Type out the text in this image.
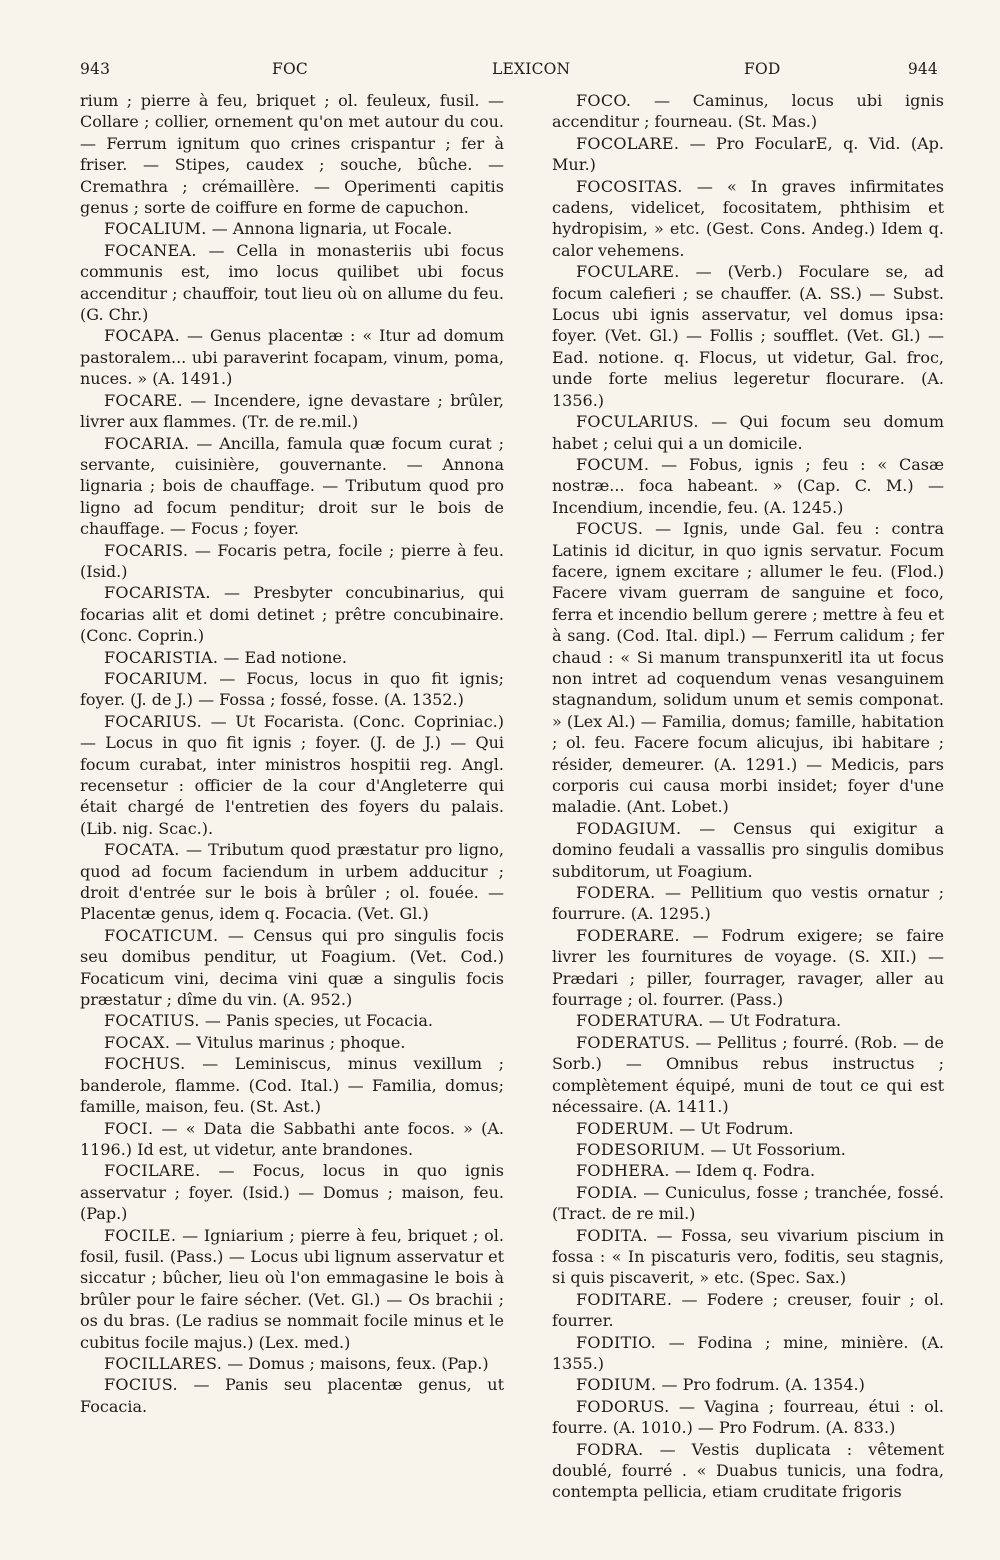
943	FOC	LEXICON	FOD	944

rium ; pierre à feu, briquet ; ol. feuleux, fusil. — Collare ; collier, ornement qu'on met autour du cou. — Ferrum ignitum quo crines crispantur ; fer à friser. — Stipes, caudex ; souche, bûche. — Cremathra ; crémaillère. — Operimenti capitis genus ; sorte de coiffure en forme de capuchon.

FOCALIUM. — Annona lignaria, ut Focale.

FOCANEA. — Cella in monasteriis ubi focus communis est, imo locus quilibet ubi focus accenditur ; chauffoir, tout lieu où on allume du feu. (G. Chr.)

FOCAPA. — Genus placentæ : « Itur ad domum pastoralem... ubi paraverint focapam, vinum, poma, nuces. » (A. 1491.)

FOCARE. — Incendere, igne devastare ; brûler, livrer aux flammes. (Tr. de re.mil.)

FOCARIA. — Ancilla, famula quæ focum curat ; servante, cuisinière, gouvernante. — Annona lignaria ; bois de chauffage. — Tributum quod pro ligno ad focum penditur; droit sur le bois de chauffage. — Focus ; foyer.

FOCARIS. — Focaris petra, focile ; pierre à feu. (Isid.)

FOCARISTA. — Presbyter concubinarius, qui focarias alit et domi detinet ; prêtre concubinaire. (Conc. Coprin.)

FOCARISTIA. — Ead notione.

FOCARIUM. — Focus, locus in quo fit ignis; foyer. (J. de J.) — Fossa ; fossé, fosse. (A. 1352.)

FOCARIUS. — Ut Focarista. (Conc. Copriniac.) — Locus in quo fit ignis ; foyer. (J. de J.) — Qui focum curabat, inter ministros hospitii reg. Angl. recensetur : officier de la cour d'Angleterre qui était chargé de l'entretien des foyers du palais. (Lib. nig. Scac.).

FOCATA. — Tributum quod præstatur pro ligno, quod ad focum faciendum in urbem adducitur ; droit d'entrée sur le bois à brûler ; ol. fouée. — Placentæ genus, idem q. Focacia. (Vet. Gl.)

FOCATICUM. — Census qui pro singulis focis seu domibus penditur, ut Foagium. (Vet. Cod.) Focaticum vini, decima vini quæ a singulis focis præstatur ; dîme du vin. (A. 952.)

FOCATIUS. — Panis species, ut Focacia.

FOCAX. — Vitulus marinus ; phoque.

FOCHUS. — Leminiscus, minus vexillum ; banderole, flamme. (Cod. Ital.) — Familia, domus; famille, maison, feu. (St. Ast.)

FOCI. — « Data die Sabbathi ante focos. » (A. 1196.) Id est, ut videtur, ante brandones.

FOCILARE. — Focus, locus in quo ignis asservatur ; foyer. (Isid.) — Domus ; maison, feu. (Pap.)

FOCILE. — Igniarium ; pierre à feu, briquet ; ol. fosil, fusil. (Pass.) — Locus ubi lignum asservatur et siccatur ; bûcher, lieu où l'on emmagasine le bois à brûler pour le faire sécher. (Vet. Gl.) — Os brachii ; os du bras. (Le radius se nommait focile minus et le cubitus focile majus.) (Lex. med.)

FOCILLARES. — Domus ; maisons, feux. (Pap.)

FOCIUS. — Panis seu placentæ genus, ut Focacia.

FOCO. — Caminus, locus ubi ignis accenditur ; fourneau. (St. Mas.)

FOCOLARE. — Pro FocularE, q. Vid. (Ap. Mur.)

FOCOSITAS. — « In graves infirmitates cadens, videlicet, focositatem, phthisim et hydropisim, » etc. (Gest. Cons. Andeg.) Idem q. calor vehemens.

FOCULARE. — (Verb.) Foculare se, ad focum calefieri ; se chauffer. (A. SS.) — Subst. Locus ubi ignis asservatur, vel domus ipsa: foyer. (Vet. Gl.) — Follis ; soufflet. (Vet. Gl.) — Ead. notione. q. Flocus, ut videtur, Gal. froc, unde forte melius legeretur flocurare. (A. 1356.)

FOCULARIUS. — Qui focum seu domum habet ; celui qui a un domicile.

FOCUM. — Fobus, ignis ; feu : « Casæ nostræ... foca habeant. » (Cap. C. M.) — Incendium, incendie, feu. (A. 1245.)

FOCUS. — Ignis, unde Gal. feu : contra Latinis id dicitur, in quo ignis servatur. Focum facere, ignem excitare ; allumer le feu. (Flod.) Facere vivam guerram de sanguine et foco, ferra et incendio bellum gerere ; mettre à feu et à sang. (Cod. Ital. dipl.) — Ferrum calidum ; fer chaud : « Si manum transpunxeritl ita ut focus non intret ad coquendum venas vesanguinem stagnandum, solidum unum et semis componat. » (Lex Al.) — Familia, domus; famille, habitation ; ol. feu. Facere focum alicujus, ibi habitare ; résider, demeurer. (A. 1291.) — Medicis, pars corporis cui causa morbi insidet; foyer d'une maladie. (Ant. Lobet.)

FODAGIUM. — Census qui exigitur a domino feudali a vassallis pro singulis domibus subditorum, ut Foagium.

FODERA. — Pellitium quo vestis ornatur ; fourrure. (A. 1295.)

FODERARE. — Fodrum exigere; se faire livrer les fournitures de voyage. (S. XII.) — Prædari ; piller, fourrager, ravager, aller au fourrage ; ol. fourrer. (Pass.)

FODERATURA. — Ut Fodratura.

FODERATUS. — Pellitus ; fourré. (Rob. — de Sorb.) — Omnibus rebus instructus ; complètement équipé, muni de tout ce qui est nécessaire. (A. 1411.)

FODERUM. — Ut Fodrum.

FODESORIUM. — Ut Fossorium.

FODHERA. — Idem q. Fodra.

FODIA. — Cuniculus, fosse ; tranchée, fossé. (Tract. de re mil.)

FODITA. — Fossa, seu vivarium piscium in fossa : « In piscaturis vero, foditis, seu stagnis, si quis piscaverit, » etc. (Spec. Sax.)

FODITARE. — Fodere ; creuser, fouir ; ol. fourrer.

FODITIO. — Fodina ; mine, minière. (A. 1355.)

FODIUM. — Pro fodrum. (A. 1354.)

FODORUS. — Vagina ; fourreau, étui : ol. fourre. (A. 1010.) — Pro Fodrum. (A. 833.)

FODRA. — Vestis duplicata : vêtement doublé, fourré . « Duabus tunicis, una fodra, contempta pellicia, etiam cruditate frigoris
